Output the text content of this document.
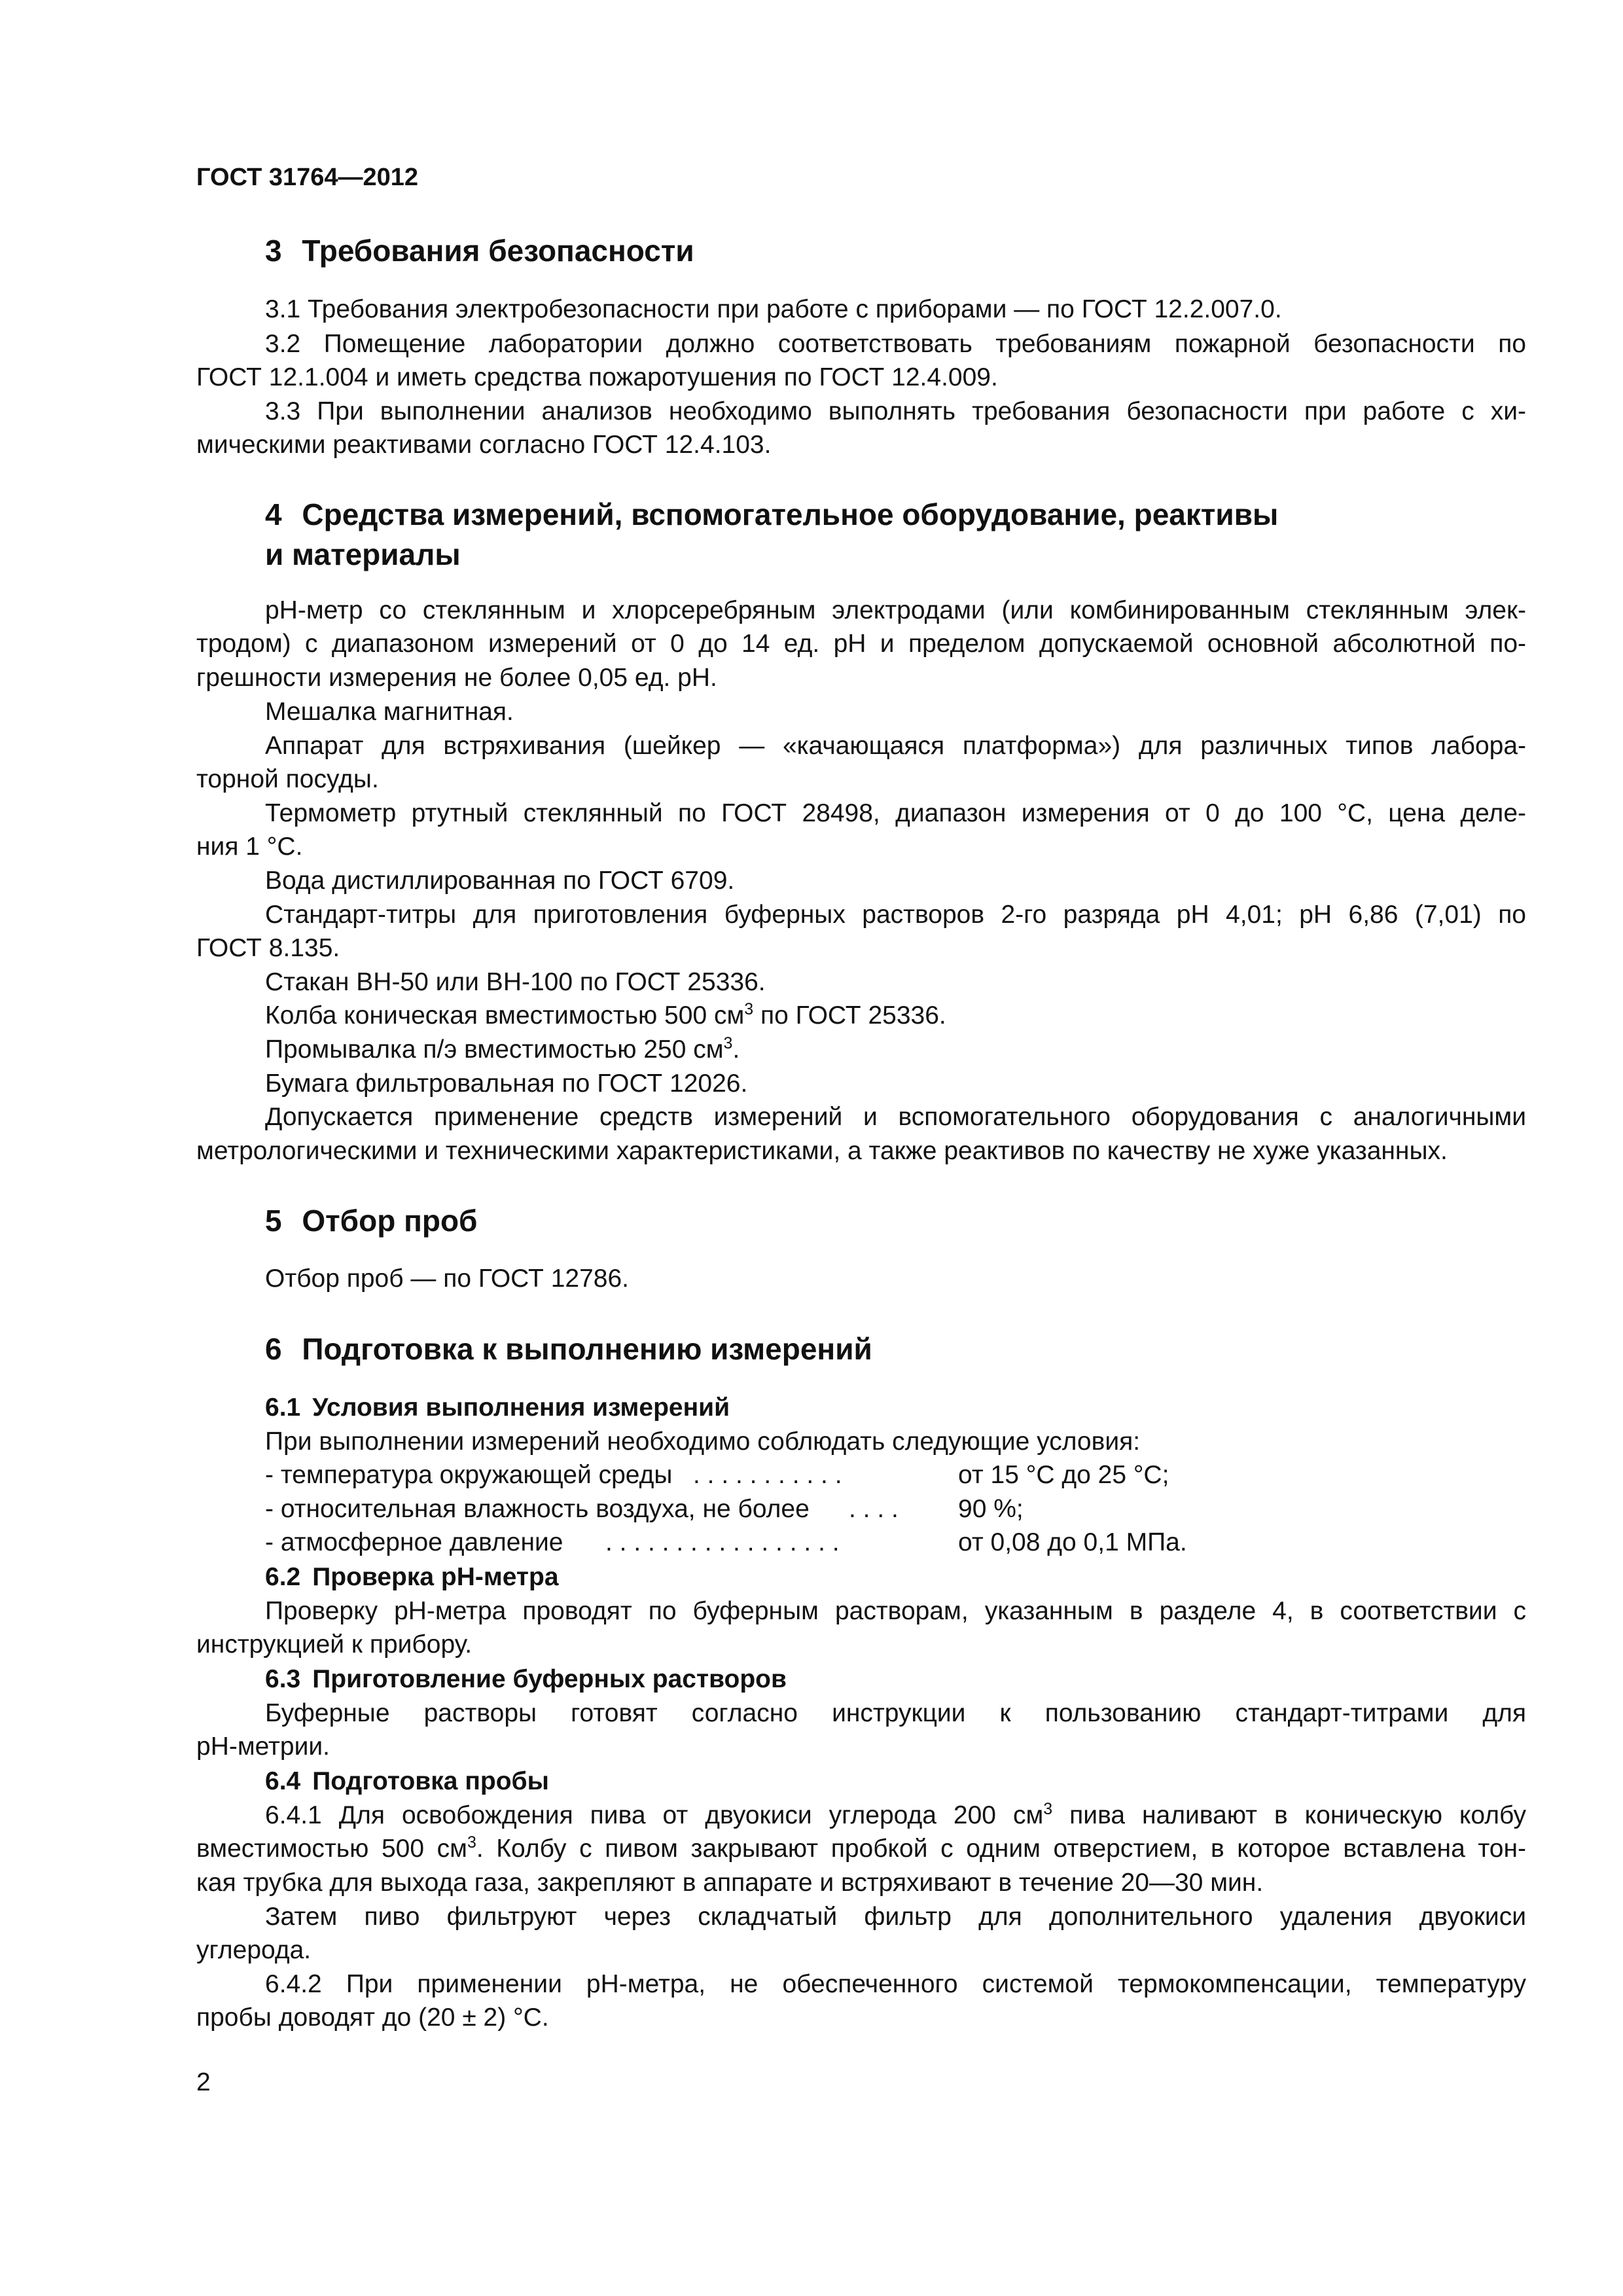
ГОСТ 31764—2012
3 Требования безопасности
3.1 Требования электробезопасности при работе с приборами — по ГОСТ 12.2.007.0.
3.2 Помещение лаборатории должно соответствовать требованиям пожарной безопасности по
ГОСТ 12.1.004 и иметь средства пожаротушения по ГОСТ 12.4.009.
3.3 При выполнении анализов необходимо выполнять требования безопасности при работе с хи-
мическими реактивами согласно ГОСТ 12.4.103.
4 Средства измерений, вспомогательное оборудование, реактивы
и материалы
рН-метр со стеклянным и хлорсеребряным электродами (или комбинированным стеклянным элек-
тродом) с диапазоном измерений от 0 до 14 ед. рН и пределом допускаемой основной абсолютной по-
грешности измерения не более 0,05 ед. рН.
Мешалка магнитная.
Аппарат для встряхивания (шейкер — «качающаяся платформа») для различных типов лабора-
торной посуды.
Термометр ртутный стеклянный по ГОСТ 28498, диапазон измерения от 0 до 100 °С, цена деле-
ния 1 °С.
Вода дистиллированная по ГОСТ 6709.
Стандарт-титры для приготовления буферных растворов 2-го разряда рН 4,01; рН 6,86 (7,01) по
ГОСТ 8.135.
Стакан ВН-50 или ВН-100 по ГОСТ 25336.
Колба коническая вместимостью 500 $см^3$ по ГОСТ 25336.
Промывалка п/э вместимостью 250 $см^3$.
Бумага фильтровальная по ГОСТ 12026.
Допускается применение средств измерений и вспомогательного оборудования с аналогичными
метрологическими и техническими характеристиками, а также реактивов по качеству не хуже указанных.
5 Отбор проб
Отбор проб — по ГОСТ 12786.
6 Подготовка к выполнению измерений
6.1 Условия выполнения измерений
При выполнении измерений необходимо соблюдать следующие условия:
- температура окружающей среды . . . . . . . . . . .	от 15 °С до 25 °С;
- относительная влажность воздуха, не более . . . . 90 %;
- атмосферное давление . . . . . . . . . . . . . . . . .	от 0,08 до 0,1 МПа.
6.2 Проверка рН-метра
Проверку рН-метра проводят по буферным растворам, указанным в разделе 4, в соответствии с
инструкцией к прибору.
6.3 Приготовление буферных растворов
Буферные растворы готовят согласно инструкции к пользованию стандарт-титрами для
рН-метрии.
6.4 Подготовка пробы
6.4.1 Для освобождения пива от двуокиси углерода 200 $см^3$ пива наливают в коническую колбу
вместимостью 500 $см^3$. Колбу с пивом закрывают пробкой с одним отверстием, в которое вставлена тон-
кая трубка для выхода газа, закрепляют в аппарате и встряхивают в течение 20—30 мин.
Затем пиво фильтруют через складчатый фильтр для дополнительного удаления двуокиси
углерода.
6.4.2 При применении рН-метра, не обеспеченного системой термокомпенсации, температуру
пробы доводят до (20 ± 2) °С.
2
